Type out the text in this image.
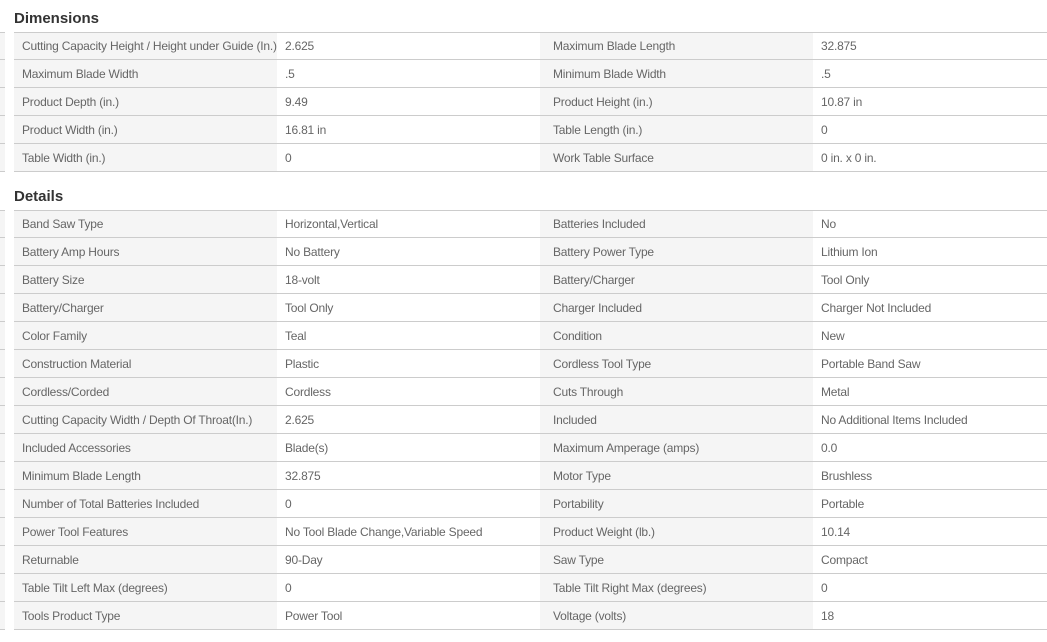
Dimensions
Cutting Capacity Height / Height under Guide (In.) 2.625	Maximum Blade Length	32.875
Maximum Blade Width	.5	Minimum Blade Width	.5
Product Depth (in.)	9.49	Product Height (in.)	10.87 in
Product Width (in.)	16.81 in	Table Length (in.)	0
Table Width (in.)	0	Work Table Surface	0 in. x 0 in.
Details
Band Saw Type	Horizontal,Vertical	Batteries Included	No
Battery Amp Hours	No Battery	Battery Power Type	Lithium Ion
Battery Size	18-volt	Battery/Charger	Tool Only
Battery/Charger	Tool Only	Charger Included	Charger Not Included
Color Family	Teal	Condition	New
Construction Material	Plastic	Cordless Tool Type	Portable Band Saw
Cordless/Corded	Cordless	Cuts Through	Metal
Cutting Capacity Width / Depth Of Throat(In.)	2.625	Included	No Additional Items Included
Included Accessories	Blade(s)	Maximum Amperage (amps)	0.0
Minimum Blade Length	32.875	Motor Type	Brushless
Number of Total Batteries Included	0	Portability	Portable
Power Tool Features	No Tool Blade Change,Variable Speed	Product Weight (lb.)	10.14
Returnable	90-Day	Saw Type	Compact
Table Tilt Left Max (degrees)	0	Table Tilt Right Max (degrees)	0
Tools Product Type	Power Tool	Voltage (volts)	18
